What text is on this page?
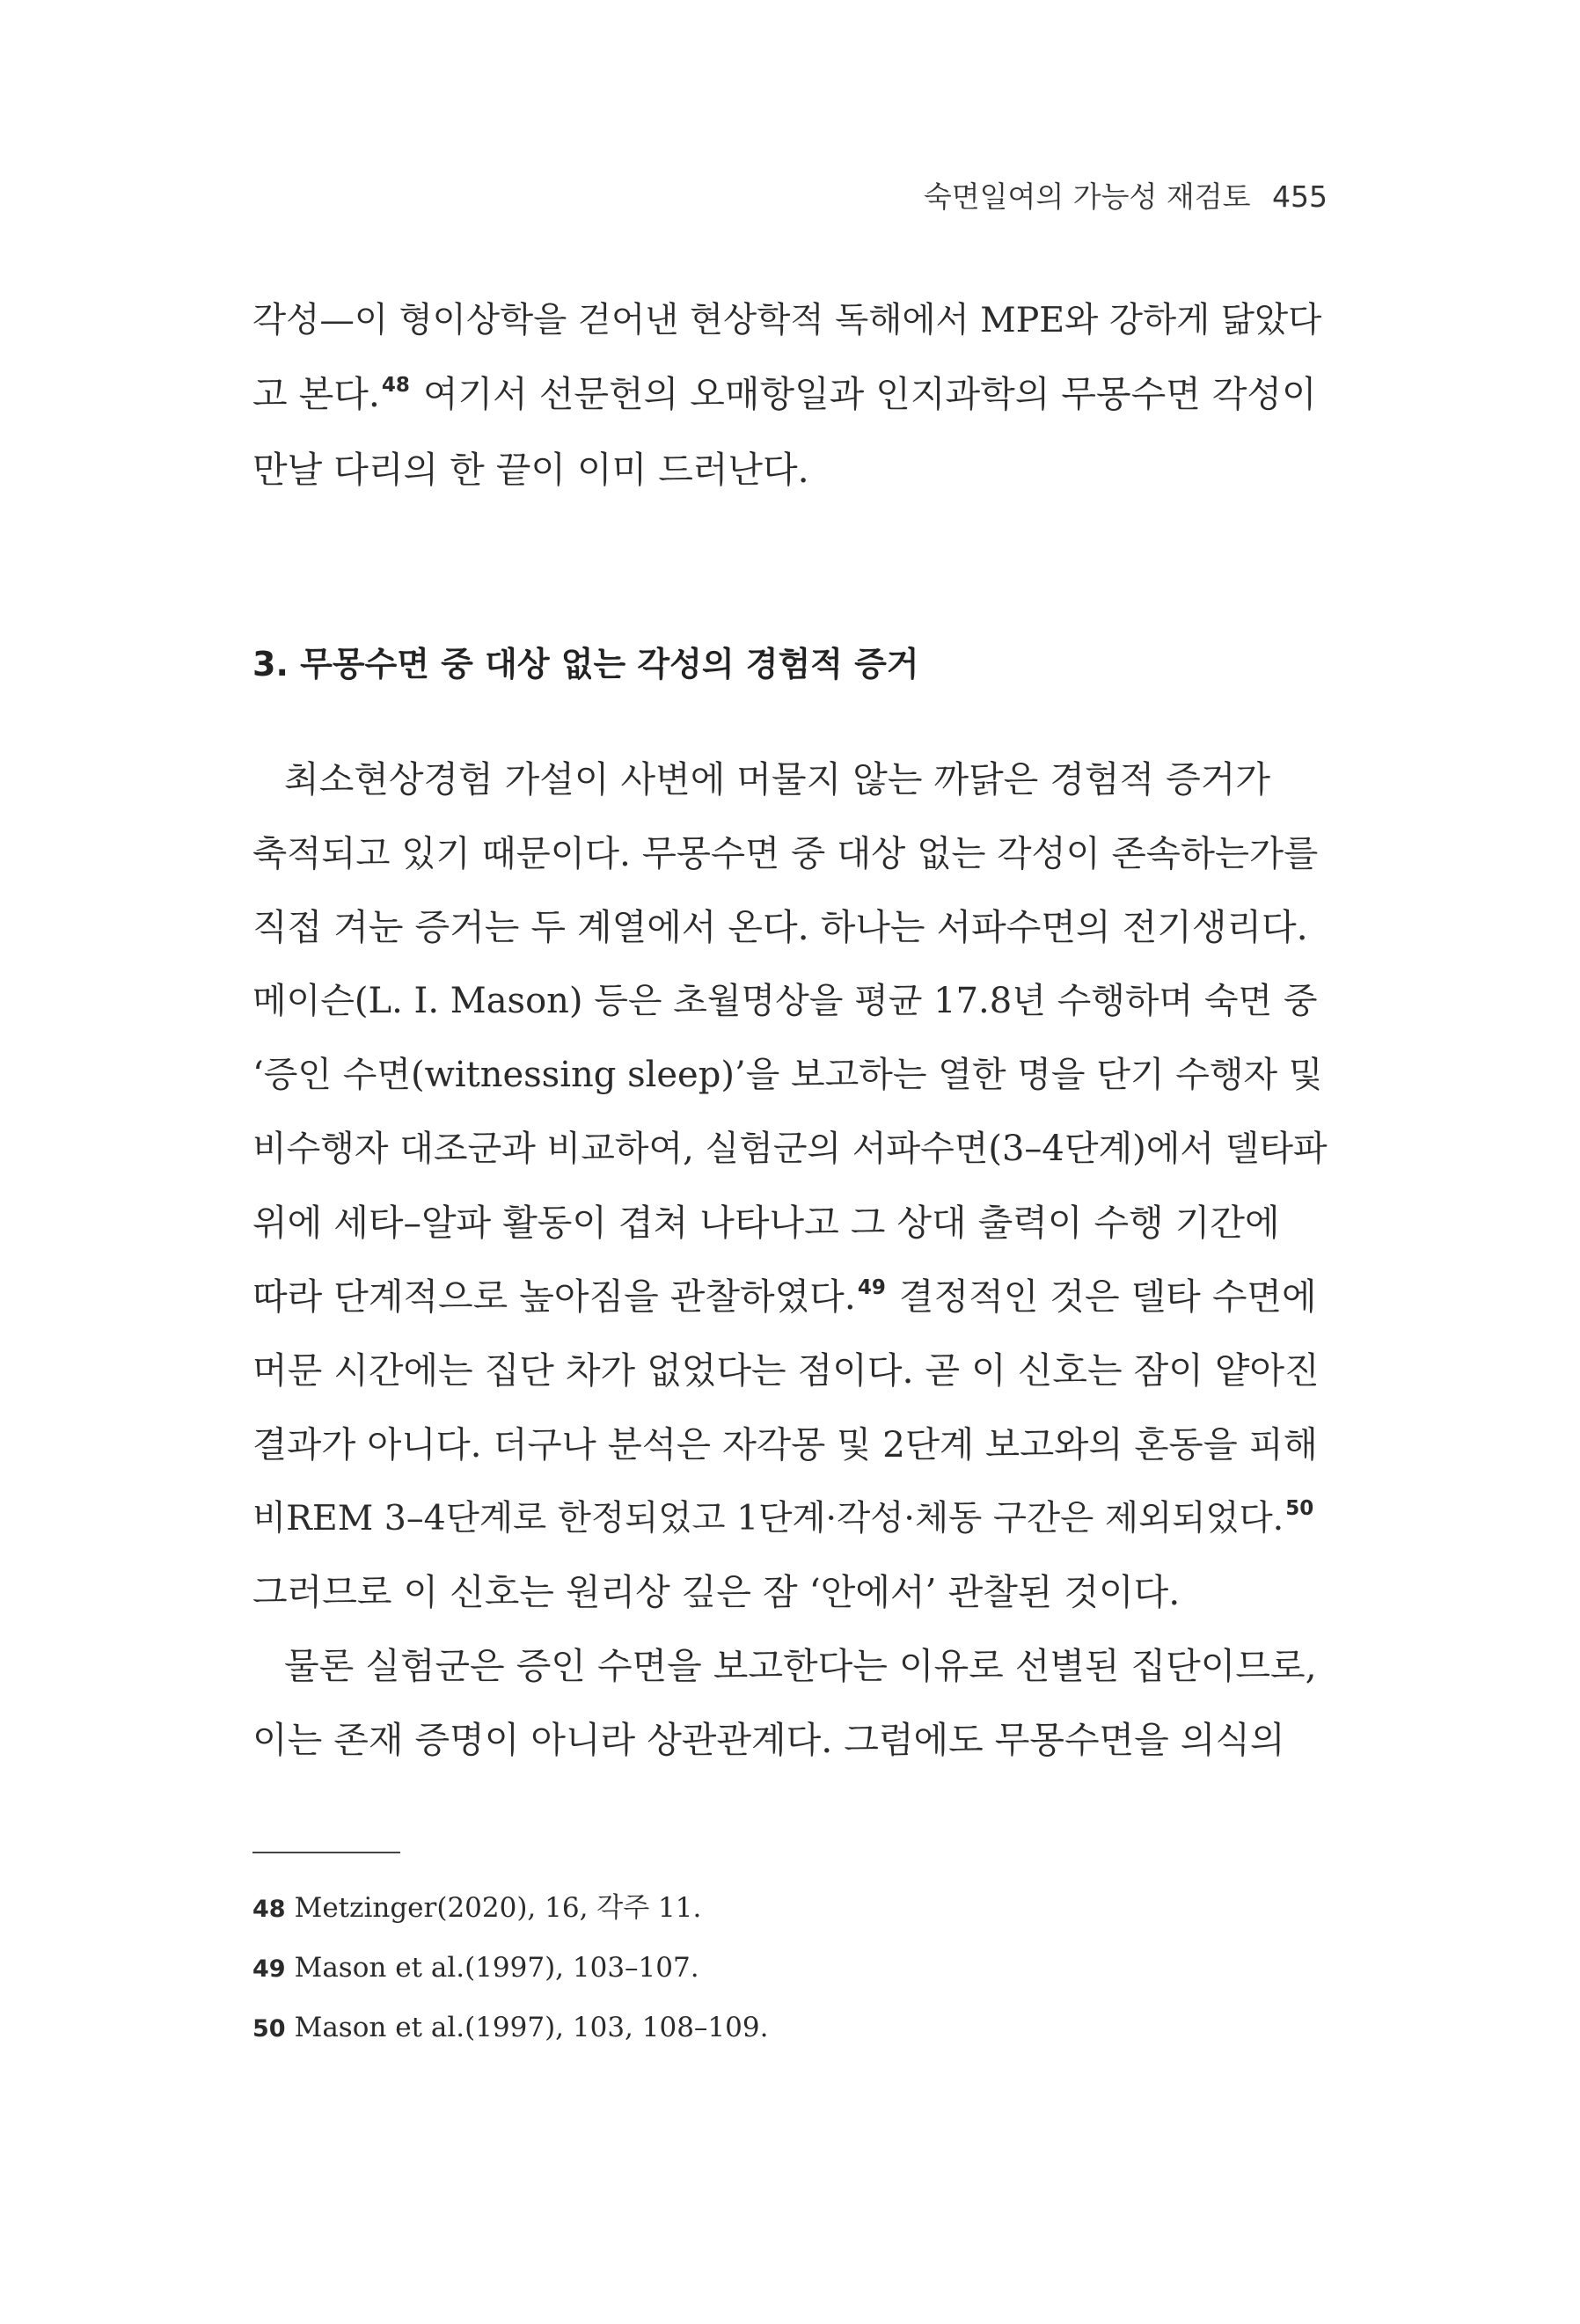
숙면일여의 가능성 재검토 455
각성—이 형이상학을 걷어낸 현상학적 독해에서 MPE와 강하게 닮았다
고 본다.$^{48}$ 여기서 선문헌의 오매항일과 인지과학의 무몽수면 각성이
만날 다리의 한 끝이 이미 드러난다.
3. 무몽수면 중 대상 없는 각성의 경험적 증거
최소현상경험 가설이 사변에 머물지 않는 까닭은 경험적 증거가
축적되고 있기 때문이다. 무몽수면 중 대상 없는 각성이 존속하는가를
직접 겨눈 증거는 두 계열에서 온다. 하나는 서파수면의 전기생리다.
메이슨(L. I. Mason) 등은 초월명상을 평균 17.8년 수행하며 숙면 중
‘증인 수면(witnessing sleep)’을 보고하는 열한 명을 단기 수행자 및
비수행자 대조군과 비교하여, 실험군의 서파수면(3–4단계)에서 델타파
위에 세타–알파 활동이 겹쳐 나타나고 그 상대 출력이 수행 기간에
따라 단계적으로 높아짐을 관찰하였다.$^{49}$ 결정적인 것은 델타 수면에
머문 시간에는 집단 차가 없었다는 점이다. 곧 이 신호는 잠이 얕아진
결과가 아니다. 더구나 분석은 자각몽 및 2단계 보고와의 혼동을 피해
비REM 3–4단계로 한정되었고 1단계·각성·체동 구간은 제외되었다.$^{50}$
그러므로 이 신호는 원리상 깊은 잠 ‘안에서’ 관찰된 것이다.
물론 실험군은 증인 수면을 보고한다는 이유로 선별된 집단이므로,
이는 존재 증명이 아니라 상관관계다. 그럼에도 무몽수면을 의식의
48 Metzinger(2020), 16, 각주 11.
49 Mason et al.(1997), 103–107.
50 Mason et al.(1997), 103, 108–109.
